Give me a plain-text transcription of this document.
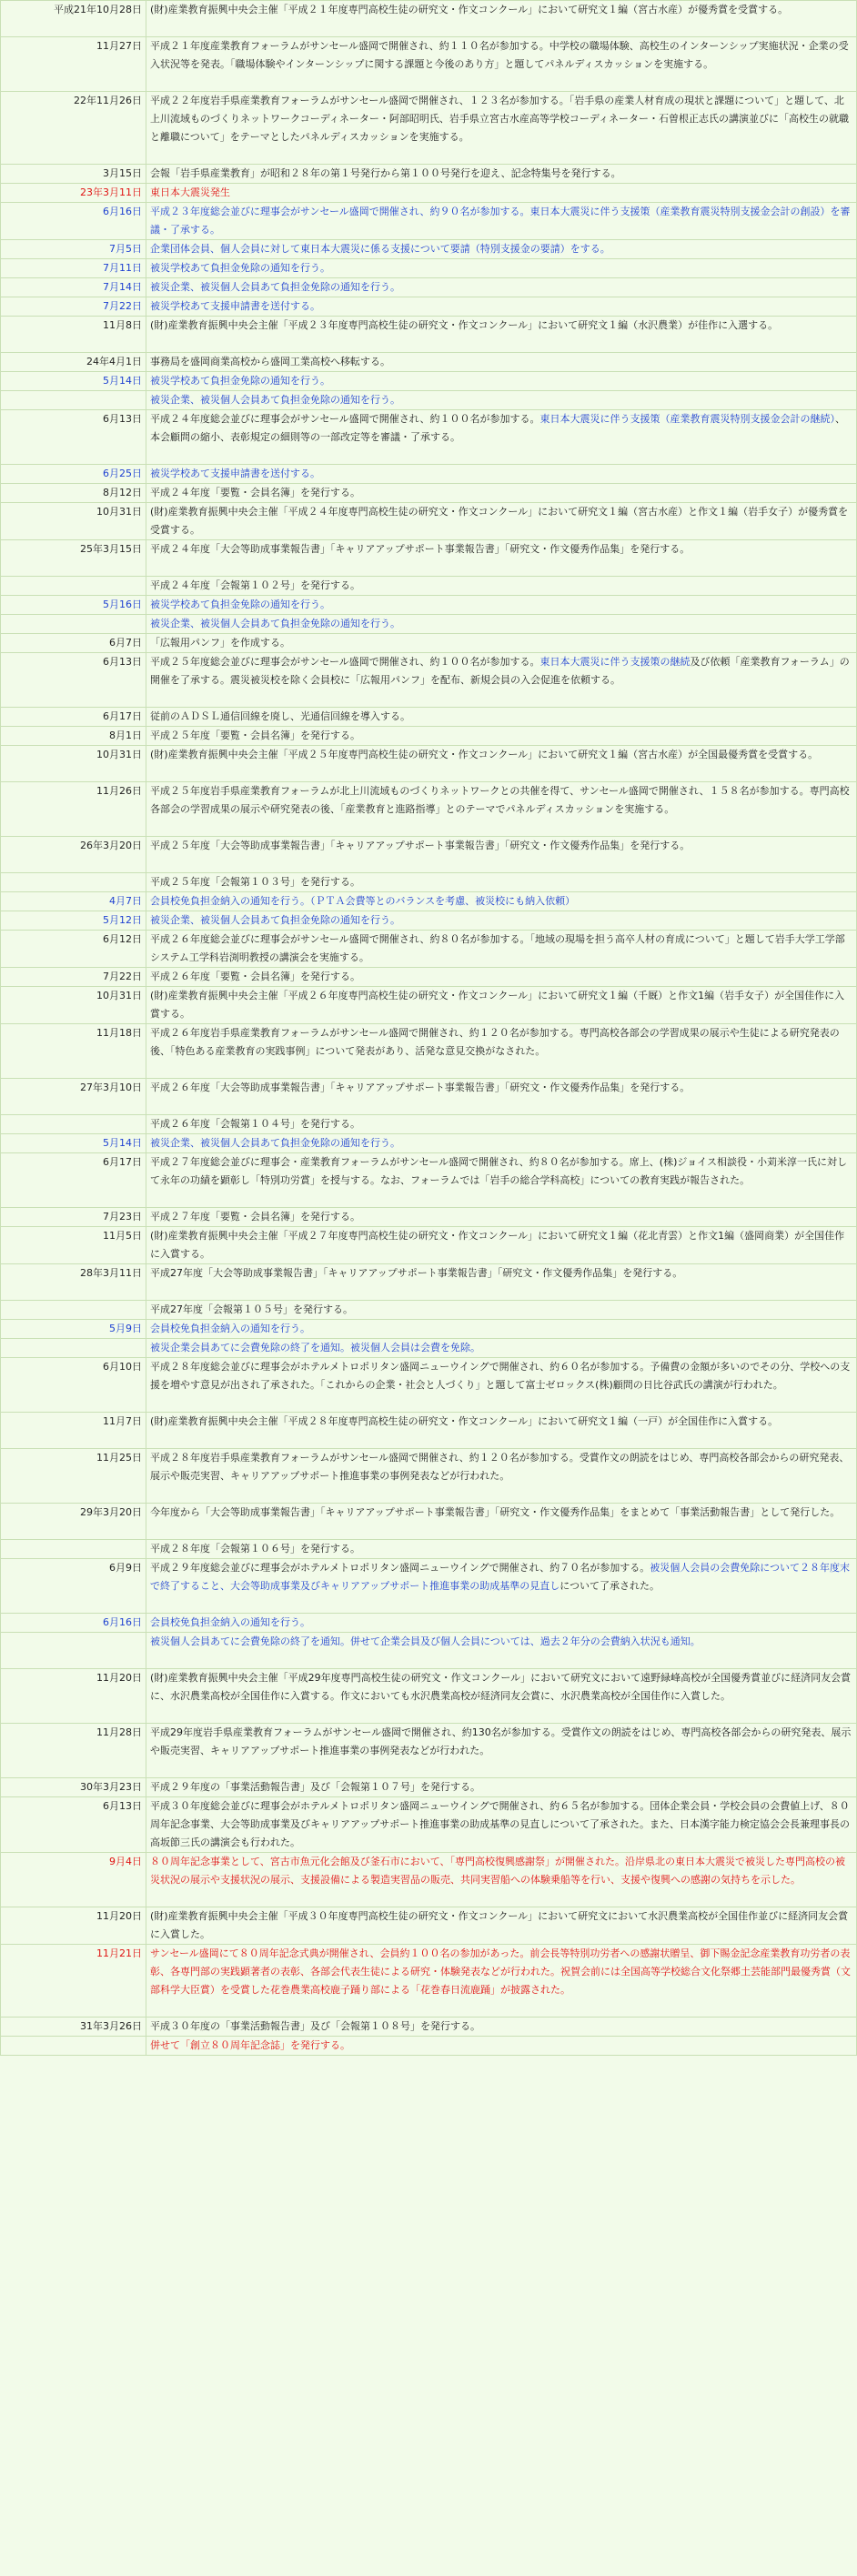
平成21年10月28日	(財)産業教育振興中央会主催「平成２１年度専門高校生徒の研究文・作文コンクール」において研究文１編（宮古水産）が優秀賞を受賞する。
11月27日	平成２１年度産業教育フォーラムがサンセール盛岡で開催され、約１１０名が参加する。中学校の職場体験、高校生のインターンシップ実施状況・企業の受入状況等を発表。「職場体験やインターンシップに関する課題と今後のあり方」と題してパネルディスカッションを実施する。
22年11月26日	平成２２年度岩手県産業教育フォーラムがサンセール盛岡で開催され、１２３名が参加する。「岩手県の産業人材育成の現状と課題について」と題して、北上川流域ものづくりネットワークコーディネーター・阿部昭明氏、岩手県立宮古水産高等学校コーディネーター・石曽根正志氏の講演並びに「高校生の就職と離職について」をテーマとしたパネルディスカッションを実施する。
3月15日	会報「岩手県産業教育」が昭和２８年の第１号発行から第１００号発行を迎え、記念特集号を発行する。
23年3月11日	東日本大震災発生
6月16日	平成２３年度総会並びに理事会がサンセール盛岡で開催され、約９０名が参加する。東日本大震災に伴う支援策（産業教育震災特別支援金会計の創設）を審議・了承する。
7月5日	企業団体会員、個人会員に対して東日本大震災に係る支援について要請（特別支援金の要請）をする。
7月11日	被災学校あて負担金免除の通知を行う。
7月14日	被災企業、被災個人会員あて負担金免除の通知を行う。
7月22日	被災学校あて支援申請書を送付する。
11月8日	(財)産業教育振興中央会主催「平成２３年度専門高校生徒の研究文・作文コンクール」において研究文１編（水沢農業）が佳作に入選する。
24年4月1日	事務局を盛岡商業高校から盛岡工業高校へ移転する。
5月14日	被災学校あて負担金免除の通知を行う。
	被災企業、被災個人会員あて負担金免除の通知を行う。
6月13日	平成２４年度総会並びに理事会がサンセール盛岡で開催され、約１００名が参加する。東日本大震災に伴う支援策（産業教育震災特別支援金会計の継続）、本会顧問の縮小、表彰規定の細則等の一部改定等を審議・了承する。
6月25日	被災学校あて支援申請書を送付する。
8月12日	平成２４年度「要覧・会員名簿」を発行する。
10月31日	(財)産業教育振興中央会主催「平成２４年度専門高校生徒の研究文・作文コンクール」において研究文１編（宮古水産）と作文１編（岩手女子）が優秀賞を受賞する。
25年3月15日	平成２４年度「大会等助成事業報告書」「キャリアアップサポート事業報告書」「研究文・作文優秀作品集」を発行する。
	平成２４年度「会報第１０２号」を発行する。
5月16日	被災学校あて負担金免除の通知を行う。
	被災企業、被災個人会員あて負担金免除の通知を行う。
6月7日	「広報用パンフ」を作成する。
6月13日	平成２５年度総会並びに理事会がサンセール盛岡で開催され、約１００名が参加する。東日本大震災に伴う支援策の継続及び依頼「産業教育フォーラム」の開催を了承する。震災被災校を除く会員校に「広報用パンフ」を配布、新規会員の入会促進を依頼する。
6月17日	従前のＡＤＳＬ通信回線を廃し、光通信回線を導入する。
8月1日	平成２５年度「要覧・会員名簿」を発行する。
10月31日	(財)産業教育振興中央会主催「平成２５年度専門高校生徒の研究文・作文コンクール」において研究文１編（宮古水産）が全国最優秀賞を受賞する。
11月26日	平成２５年度岩手県産業教育フォーラムが北上川流域ものづくりネットワークとの共催を得て、サンセール盛岡で開催され、１５８名が参加する。専門高校各部会の学習成果の展示や研究発表の後、「産業教育と進路指導」とのテーマでパネルディスカッションを実施する。
26年3月20日	平成２５年度「大会等助成事業報告書」「キャリアアップサポート事業報告書」「研究文・作文優秀作品集」を発行する。
	平成２５年度「会報第１０３号」を発行する。
4月7日	会員校免負担金納入の通知を行う。（ＰＴＡ会費等とのバランスを考慮、被災校にも納入依頼）
5月12日	被災企業、被災個人会員あて負担金免除の通知を行う。
6月12日	平成２６年度総会並びに理事会がサンセール盛岡で開催され、約８０名が参加する。「地域の現場を担う高卒人材の育成について」と題して岩手大学工学部システム工学科岩渕明教授の講演会を実施する。
7月22日	平成２６年度「要覧・会員名簿」を発行する。
10月31日	(財)産業教育振興中央会主催「平成２６年度専門高校生徒の研究文・作文コンクール」において研究文１編（千厩）と作文1編（岩手女子）が全国佳作に入賞する。
11月18日	平成２６年度岩手県産業教育フォーラムがサンセール盛岡で開催され、約１２０名が参加する。専門高校各部会の学習成果の展示や生徒による研究発表の後、「特色ある産業教育の実践事例」について発表があり、活発な意見交換がなされた。
27年3月10日	平成２６年度「大会等助成事業報告書」「キャリアアップサポート事業報告書」「研究文・作文優秀作品集」を発行する。
	平成２６年度「会報第１０４号」を発行する。
5月14日	被災企業、被災個人会員あて負担金免除の通知を行う。
6月17日	平成２７年度総会並びに理事会・産業教育フォーラムがサンセール盛岡で開催され、約８０名が参加する。席上、(株)ジョイス相談役・小苅米淳一氏に対して永年の功績を顕彰し「特別功労賞」を授与する。なお、フォーラムでは「岩手の総合学科高校」についての教育実践が報告された。
7月23日	平成２７年度「要覧・会員名簿」を発行する。
11月5日	(財)産業教育振興中央会主催「平成２７年度専門高校生徒の研究文・作文コンクール」において研究文１編（花北青雲）と作文1編（盛岡商業）が全国佳作に入賞する。
28年3月11日	平成27年度「大会等助成事業報告書」「キャリアアップサポート事業報告書」「研究文・作文優秀作品集」を発行する。
	平成27年度「会報第１０５号」を発行する。
5月9日	会員校免負担金納入の通知を行う。
	被災企業会員あてに会費免除の終了を通知。被災個人会員は会費を免除。
6月10日	平成２８年度総会並びに理事会がホテルメトロポリタン盛岡ニューウイングで開催され、約６０名が参加する。予備費の金額が多いのでその分、学校への支援を増やす意見が出され了承された。「これからの企業・社会と人づくり」と題して富士ゼロックス(株)顧問の日比谷武氏の講演が行われた。
11月7日	(財)産業教育振興中央会主催「平成２８年度専門高校生徒の研究文・作文コンクール」において研究文１編（一戸）が全国佳作に入賞する。
11月25日	平成２８年度岩手県産業教育フォーラムがサンセール盛岡で開催され、約１２０名が参加する。受賞作文の朗読をはじめ、専門高校各部会からの研究発表、展示や販売実習、キャリアアップサポート推進事業の事例発表などが行われた。
29年3月20日	今年度から「大会等助成事業報告書」「キャリアアップサポート事業報告書」「研究文・作文優秀作品集」をまとめて「事業活動報告書」として発行した。
	平成２８年度「会報第１０６号」を発行する。
6月9日	平成２９年度総会並びに理事会がホテルメトロポリタン盛岡ニューウイングで開催され、約７０名が参加する。被災個人会員の会費免除について２８年度末で終了すること、大会等助成事業及びキャリアアップサポート推進事業の助成基準の見直しについて了承された。
6月16日	会員校免負担金納入の通知を行う。
	被災個人会員あてに会費免除の終了を通知。併せて企業会員及び個人会員については、過去２年分の会費納入状況も通知。
11月20日	(財)産業教育振興中央会主催「平成29年度専門高校生徒の研究文・作文コンクール」において研究文において遠野緑峰高校が全国優秀賞並びに経済同友会賞に、水沢農業高校が全国佳作に入賞する。作文においても水沢農業高校が経済同友会賞に、水沢農業高校が全国佳作に入賞した。
11月28日	平成29年度岩手県産業教育フォーラムがサンセール盛岡で開催され、約130名が参加する。受賞作文の朗読をはじめ、専門高校各部会からの研究発表、展示や販売実習、キャリアアップサポート推進事業の事例発表などが行われた。
30年3月23日	平成２９年度の「事業活動報告書」及び「会報第１０７号」を発行する。
6月13日	平成３０年度総会並びに理事会がホテルメトロポリタン盛岡ニューウイングで開催され、約６５名が参加する。団体企業会員・学校会員の会費値上げ、８０周年記念事業、大会等助成事業及びキャリアアップサポート推進事業の助成基準の見直しについて了承された。また、日本漢字能力検定協会会長兼理事長の高坂節三氏の講演会も行われた。
9月4日	８０周年記念事業として、宮古市魚元化会館及び釜石市において、「専門高校復興感謝祭」が開催された。沿岸県北の東日本大震災で被災した専門高校の被災状況の展示や支援状況の展示、支援設備による製造実習品の販売、共同実習船への体験乗船等を行い、支援や復興への感謝の気持ちを示した。
11月20日	(財)産業教育振興中央会主催「平成３０年度専門高校生徒の研究文・作文コンクール」において研究文において水沢農業高校が全国佳作並びに経済同友会賞に入賞した。
11月21日	サンセール盛岡にて８０周年記念式典が開催され、会員約１００名の参加があった。前会長等特別功労者への感謝状贈呈、御下賜金記念産業教育功労者の表彰、各専門部の実践顕著者の表彰、各部会代表生徒による研究・体験発表などが行われた。祝賀会前には全国高等学校総合文化祭郷土芸能部門最優秀賞（文部科学大臣賞）を受賞した花巻農業高校鹿子踊り部による「花巻春日流鹿踊」が披露された。
31年3月26日	平成３０年度の「事業活動報告書」及び「会報第１０８号」を発行する。
	併せて「創立８０周年記念誌」を発行する。
